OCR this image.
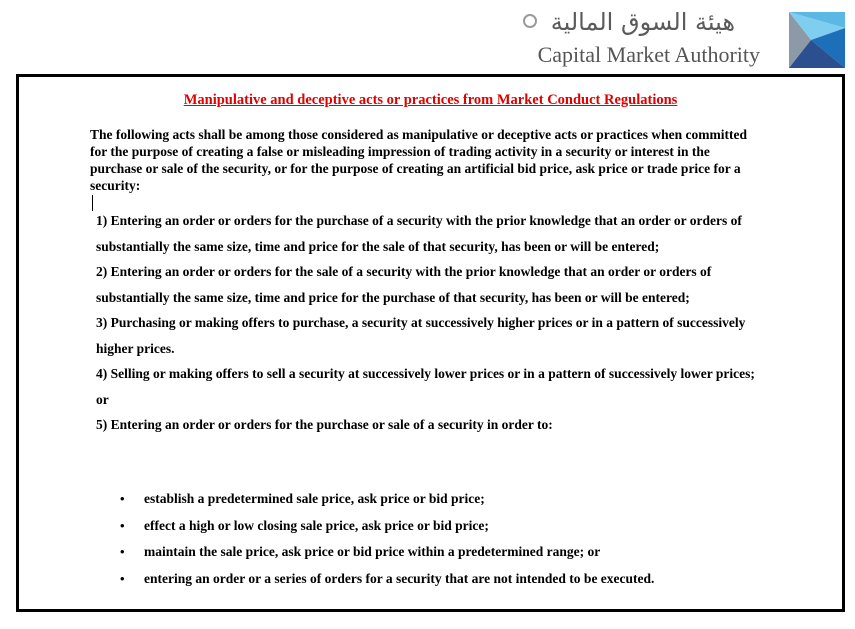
هيئة السوق المالية
Capital Market Authority
Manipulative and deceptive acts or practices from Market Conduct Regulations

The following acts shall be among those considered as manipulative or deceptive acts or practices when committed for the purpose of creating a false or misleading impression of trading activity in a security or interest in the purchase or sale of the security, or for the purpose of creating an artificial bid price, ask price or trade price for a security:

1) Entering an order or orders for the purchase of a security with the prior knowledge that an order or orders of substantially the same size, time and price for the sale of that security, has been or will be entered;

2) Entering an order or orders for the sale of a security with the prior knowledge that an order or orders of substantially the same size, time and price for the purchase of that security, has been or will be entered;

3) Purchasing or making offers to purchase, a security at successively higher prices or in a pattern of successively higher prices.

4) Selling or making offers to sell a security at successively lower prices or in a pattern of successively lower prices; or

5) Entering an order or orders for the purchase or sale of a security in order to:

• establish a predetermined sale price, ask price or bid price;
• effect a high or low closing sale price, ask price or bid price;
• maintain the sale price, ask price or bid price within a predetermined range; or
• entering an order or a series of orders for a security that are not intended to be executed.
